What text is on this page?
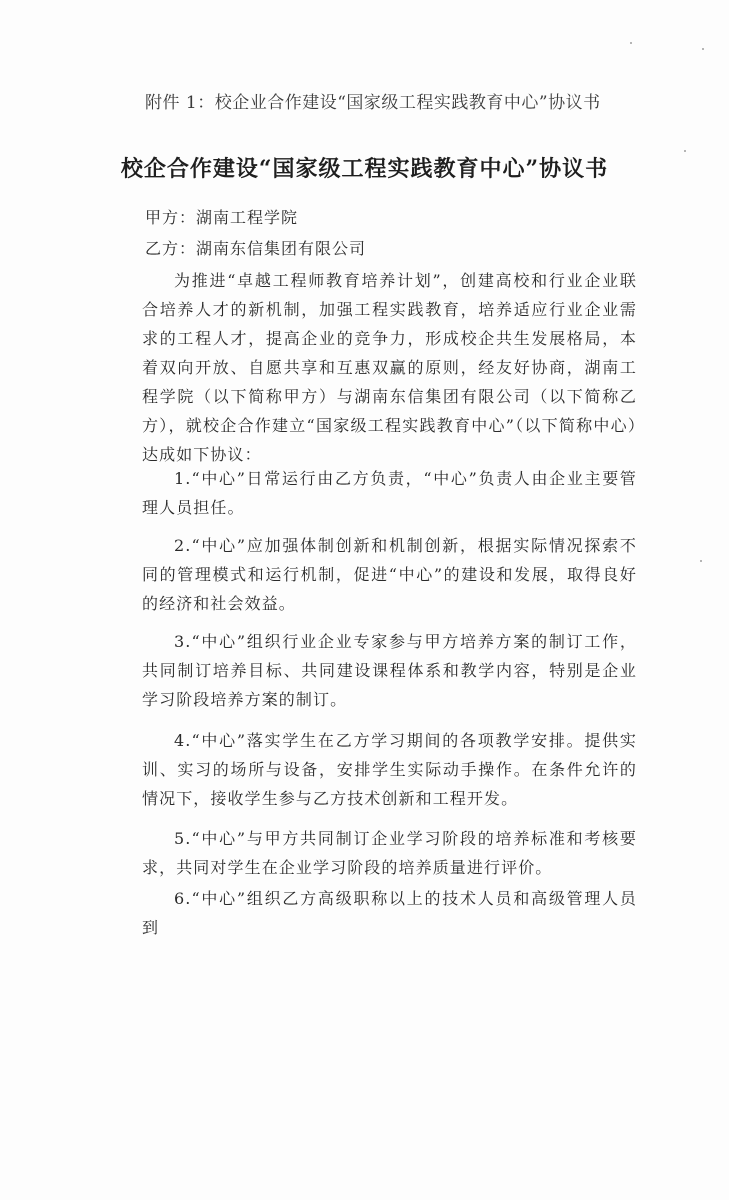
附件 1：校企业合作建设“国家级工程实践教育中心”协议书
校企合作建设“国家级工程实践教育中心”协议书
甲方：湖南工程学院
乙方：湖南东信集团有限公司
为推进“卓越工程师教育培养计划”，创建高校和行业企业联合培养人才的新机制，加强工程实践教育，培养适应行业企业需求的工程人才，提高企业的竞争力，形成校企共生发展格局，本着双向开放、自愿共享和互惠双赢的原则，经友好协商，湖南工程学院（以下简称甲方）与湖南东信集团有限公司（以下简称乙方），就校企合作建立“国家级工程实践教育中心”（以下简称中心）达成如下协议：
1.“中心”日常运行由乙方负责，“中心”负责人由企业主要管理人员担任。
2.“中心”应加强体制创新和机制创新，根据实际情况探索不同的管理模式和运行机制，促进“中心”的建设和发展，取得良好的经济和社会效益。
3.“中心”组织行业企业专家参与甲方培养方案的制订工作，共同制订培养目标、共同建设课程体系和教学内容，特别是企业学习阶段培养方案的制订。
4.“中心”落实学生在乙方学习期间的各项教学安排。提供实训、实习的场所与设备，安排学生实际动手操作。在条件允许的情况下，接收学生参与乙方技术创新和工程开发。
5.“中心”与甲方共同制订企业学习阶段的培养标准和考核要求，共同对学生在企业学习阶段的培养质量进行评价。
6.“中心”组织乙方高级职称以上的技术人员和高级管理人员到
